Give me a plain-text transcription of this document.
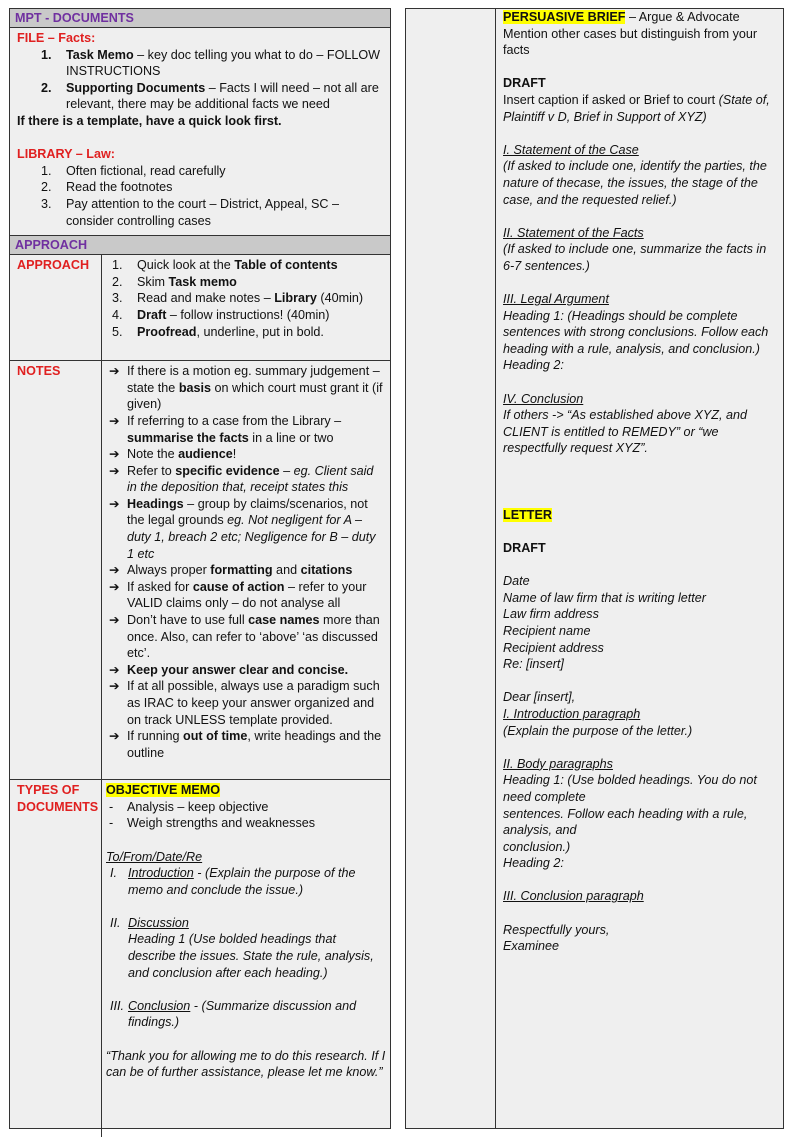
MPT - DOCUMENTS
FILE – Facts:
1. Task Memo – key doc telling you what to do – FOLLOW INSTRUCTIONS
2. Supporting Documents – Facts I will need – not all are relevant, there may be additional facts we need
If there is a template, have a quick look first.
LIBRARY – Law:
1. Often fictional, read carefully
2. Read the footnotes
3. Pay attention to the court – District, Appeal, SC – consider controlling cases
APPROACH
APPROACH	1. Quick look at the Table of contents
2. Skim Task memo
3. Read and make notes – Library (40min)
4. Draft – follow instructions! (40min)
5. Proofread, underline, put in bold.
NOTES	➔ If there is a motion eg. summary judgement – state the basis on which court must grant it (if given)
➔ If referring to a case from the Library – summarise the facts in a line or two
➔ Note the audience!
➔ Refer to specific evidence – eg. Client said in the deposition that, receipt states this
➔ Headings – group by claims/scenarios, not the legal grounds eg. Not negligent for A – duty 1, breach 2 etc; Negligence for B – duty 1 etc
➔ Always proper formatting and citations
➔ If asked for cause of action – refer to your VALID claims only – do not analyse all
➔ Don’t have to use full case names more than once. Also, can refer to ‘above’ ‘as discussed etc’.
➔ Keep your answer clear and concise.
➔ If at all possible, always use a paradigm such as IRAC to keep your answer organized and on track UNLESS template provided.
➔ If running out of time, write headings and the outline
TYPES OF
DOCUMENTS
OBJECTIVE MEMO
- Analysis – keep objective
- Weigh strengths and weaknesses
To/From/Date/Re
I. Introduction - (Explain the purpose of the memo and conclude the issue.)
II. Discussion
Heading 1 (Use bolded headings that describe the issues. State the rule, analysis, and conclusion after each heading.)
III. Conclusion - (Summarize discussion and findings.)
“Thank you for allowing me to do this research. If I can be of further assistance, please let me know.”
PERSUASIVE BRIEF – Argue & Advocate
Mention other cases but distinguish from your facts
DRAFT
Insert caption if asked or Brief to court (State of, Plaintiff v D, Brief in Support of XYZ)
I. Statement of the Case
(If asked to include one, identify the parties, the nature of thecase, the issues, the stage of the case, and the requested relief.)
II. Statement of the Facts
(If asked to include one, summarize the facts in 6-7 sentences.)
III. Legal Argument
Heading 1: (Headings should be complete sentences with strong conclusions. Follow each heading with a rule, analysis, and conclusion.)
Heading 2:
IV. Conclusion
If others -> “As established above XYZ, and CLIENT is entitled to REMEDY” or “we respectfully request XYZ”.
LETTER
DRAFT
Date
Name of law firm that is writing letter
Law firm address
Recipient name
Recipient address
Re: [insert]
Dear [insert],
I. Introduction paragraph
(Explain the purpose of the letter.)
II. Body paragraphs
Heading 1: (Use bolded headings. You do not need complete
sentences. Follow each heading with a rule, analysis, and
conclusion.)
Heading 2:
III. Conclusion paragraph
Respectfully yours,
Examinee
